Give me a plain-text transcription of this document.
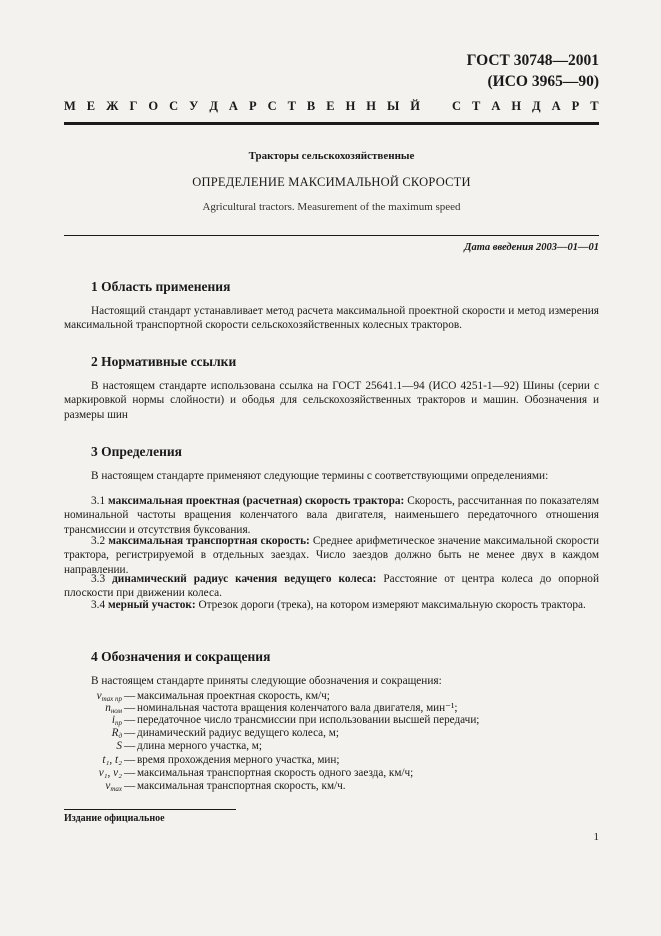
ГОСТ 30748—2001
(ИСО 3965—90)
М Е Ж Г О С У Д А Р С Т В Е Н Н Ы Й
	С Т А Н Д А Р Т
Тракторы сельскохозяйственные
ОПРЕДЕЛЕНИЕ МАКСИМАЛЬНОЙ СКОРОСТИ
Agricultural tractors. Measurement of the maximum speed
Дата введения 2003—01—01
1 Область применения
Настоящий стандарт устанавливает метод расчета максимальной проектной скорости и метод измерения максимальной транспортной скорости сельскохозяйственных колесных тракторов.
2 Нормативные ссылки
В настоящем стандарте использована ссылка на ГОСТ 25641.1—94 (ИСО 4251-1—92) Шины (серии с маркировкой нормы слойности) и ободья для сельскохозяйственных тракторов и машин. Обозначения и размеры шин
3 Определения
В настоящем стандарте применяют следующие термины с соответствующими определениями:
3.1 максимальная проектная (расчетная) скорость трактора: Скорость, рассчитанная по показателям номинальной частоты вращения коленчатого вала двигателя, наименьшего передаточного отношения трансмиссии и отсутствия буксования.
3.2 максимальная транспортная скорость: Среднее арифметическое значение максимальной скорости трактора, регистрируемой в отдельных заездах. Число заездов должно быть не менее двух в каждом направлении.
3.3 динамический радиус качения ведущего колеса: Расстояние от центра колеса до опорной плоскости при движении колеса.
3.4 мерный участок: Отрезок дороги (трека), на котором измеряют максимальную скорость трактора.
4 Обозначения и сокращения
В настоящем стандарте приняты следующие обозначения и сокращения:
$v_{max пр}$ — максимальная проектная скорость, км/ч;
$n_{ном}$ — номинальная частота вращения коленчатого вала двигателя, мин⁻¹;
$i_{пр}$ — передаточное число трансмиссии при использовании высшей передачи;
$R_д$ — динамический радиус ведущего колеса, м;
S — длина мерного участка, м;
t₁, t₂ — время прохождения мерного участка, мин;
v₁, v₂ — максимальная транспортная скорость одного заезда, км/ч;
$v_{max}$ — максимальная транспортная скорость, км/ч.
Издание официальное
1
